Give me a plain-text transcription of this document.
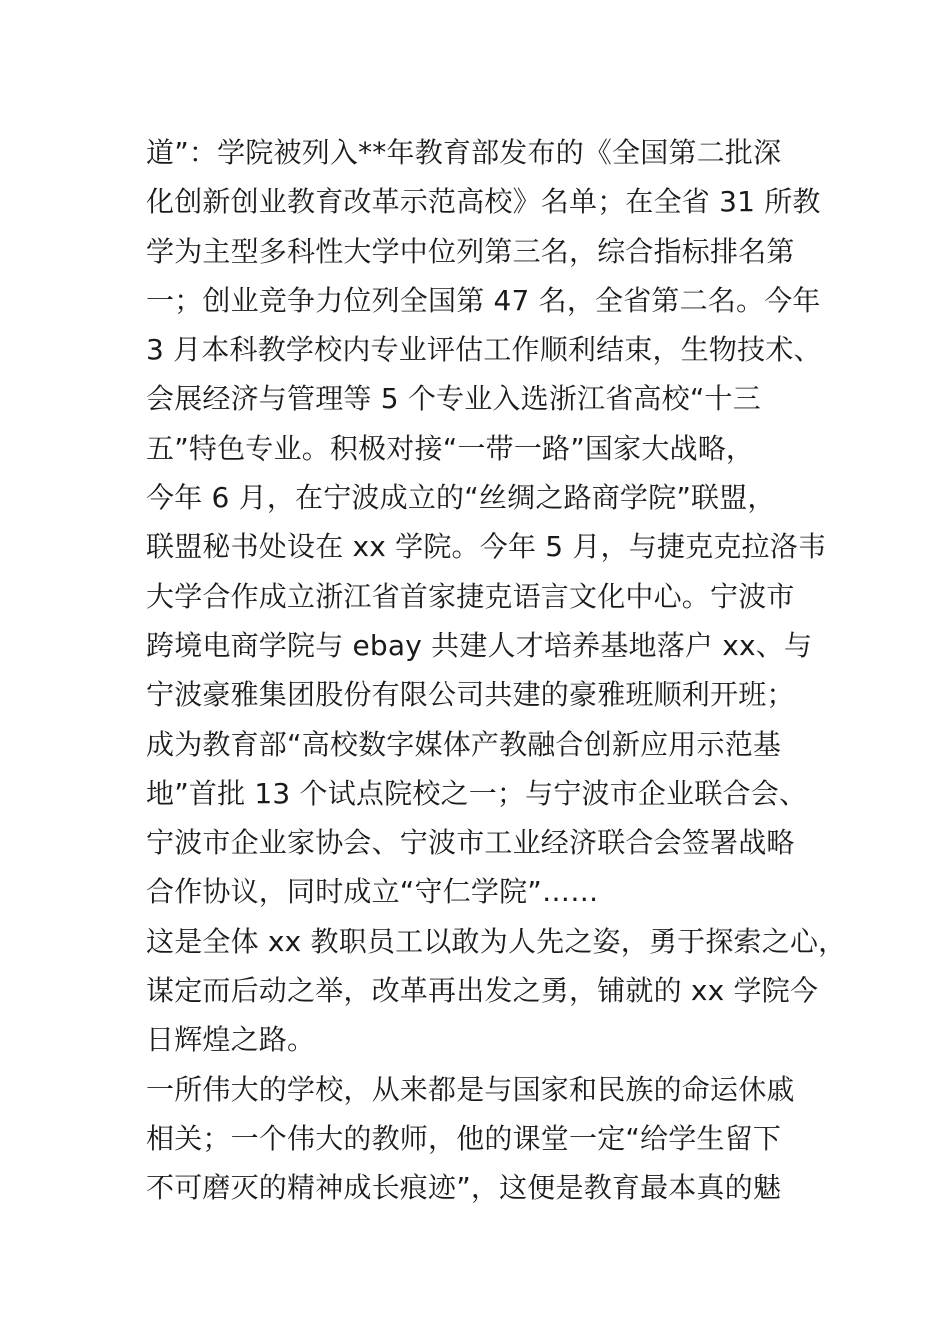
道”：学院被列入**年教育部发布的《全国第二批深
化创新创业教育改革示范高校》名单；在全省 31 所教
学为主型多科性大学中位列第三名，综合指标排名第
一；创业竞争力位列全国第 47 名，全省第二名。今年
3 月本科教学校内专业评估工作顺利结束，生物技术、
会展经济与管理等 5 个专业入选浙江省高校“十三
五”特色专业。积极对接“一带一路”国家大战略，
今年 6 月，在宁波成立的“丝绸之路商学院”联盟，
联盟秘书处设在 xx 学院。今年 5 月，与捷克克拉洛韦
大学合作成立浙江省首家捷克语言文化中心。宁波市
跨境电商学院与 ebay 共建人才培养基地落户 xx、与
宁波豪雅集团股份有限公司共建的豪雅班顺利开班；
成为教育部“高校数字媒体产教融合创新应用示范基
地”首批 13 个试点院校之一；与宁波市企业联合会、
宁波市企业家协会、宁波市工业经济联合会签署战略
合作协议，同时成立“守仁学院”……
这是全体 xx 教职员工以敢为人先之姿，勇于探索之心，
谋定而后动之举，改革再出发之勇，铺就的 xx 学院今
日辉煌之路。
一所伟大的学校，从来都是与国家和民族的命运休戚
相关；一个伟大的教师，他的课堂一定“给学生留下
不可磨灭的精神成长痕迹”，这便是教育最本真的魅
